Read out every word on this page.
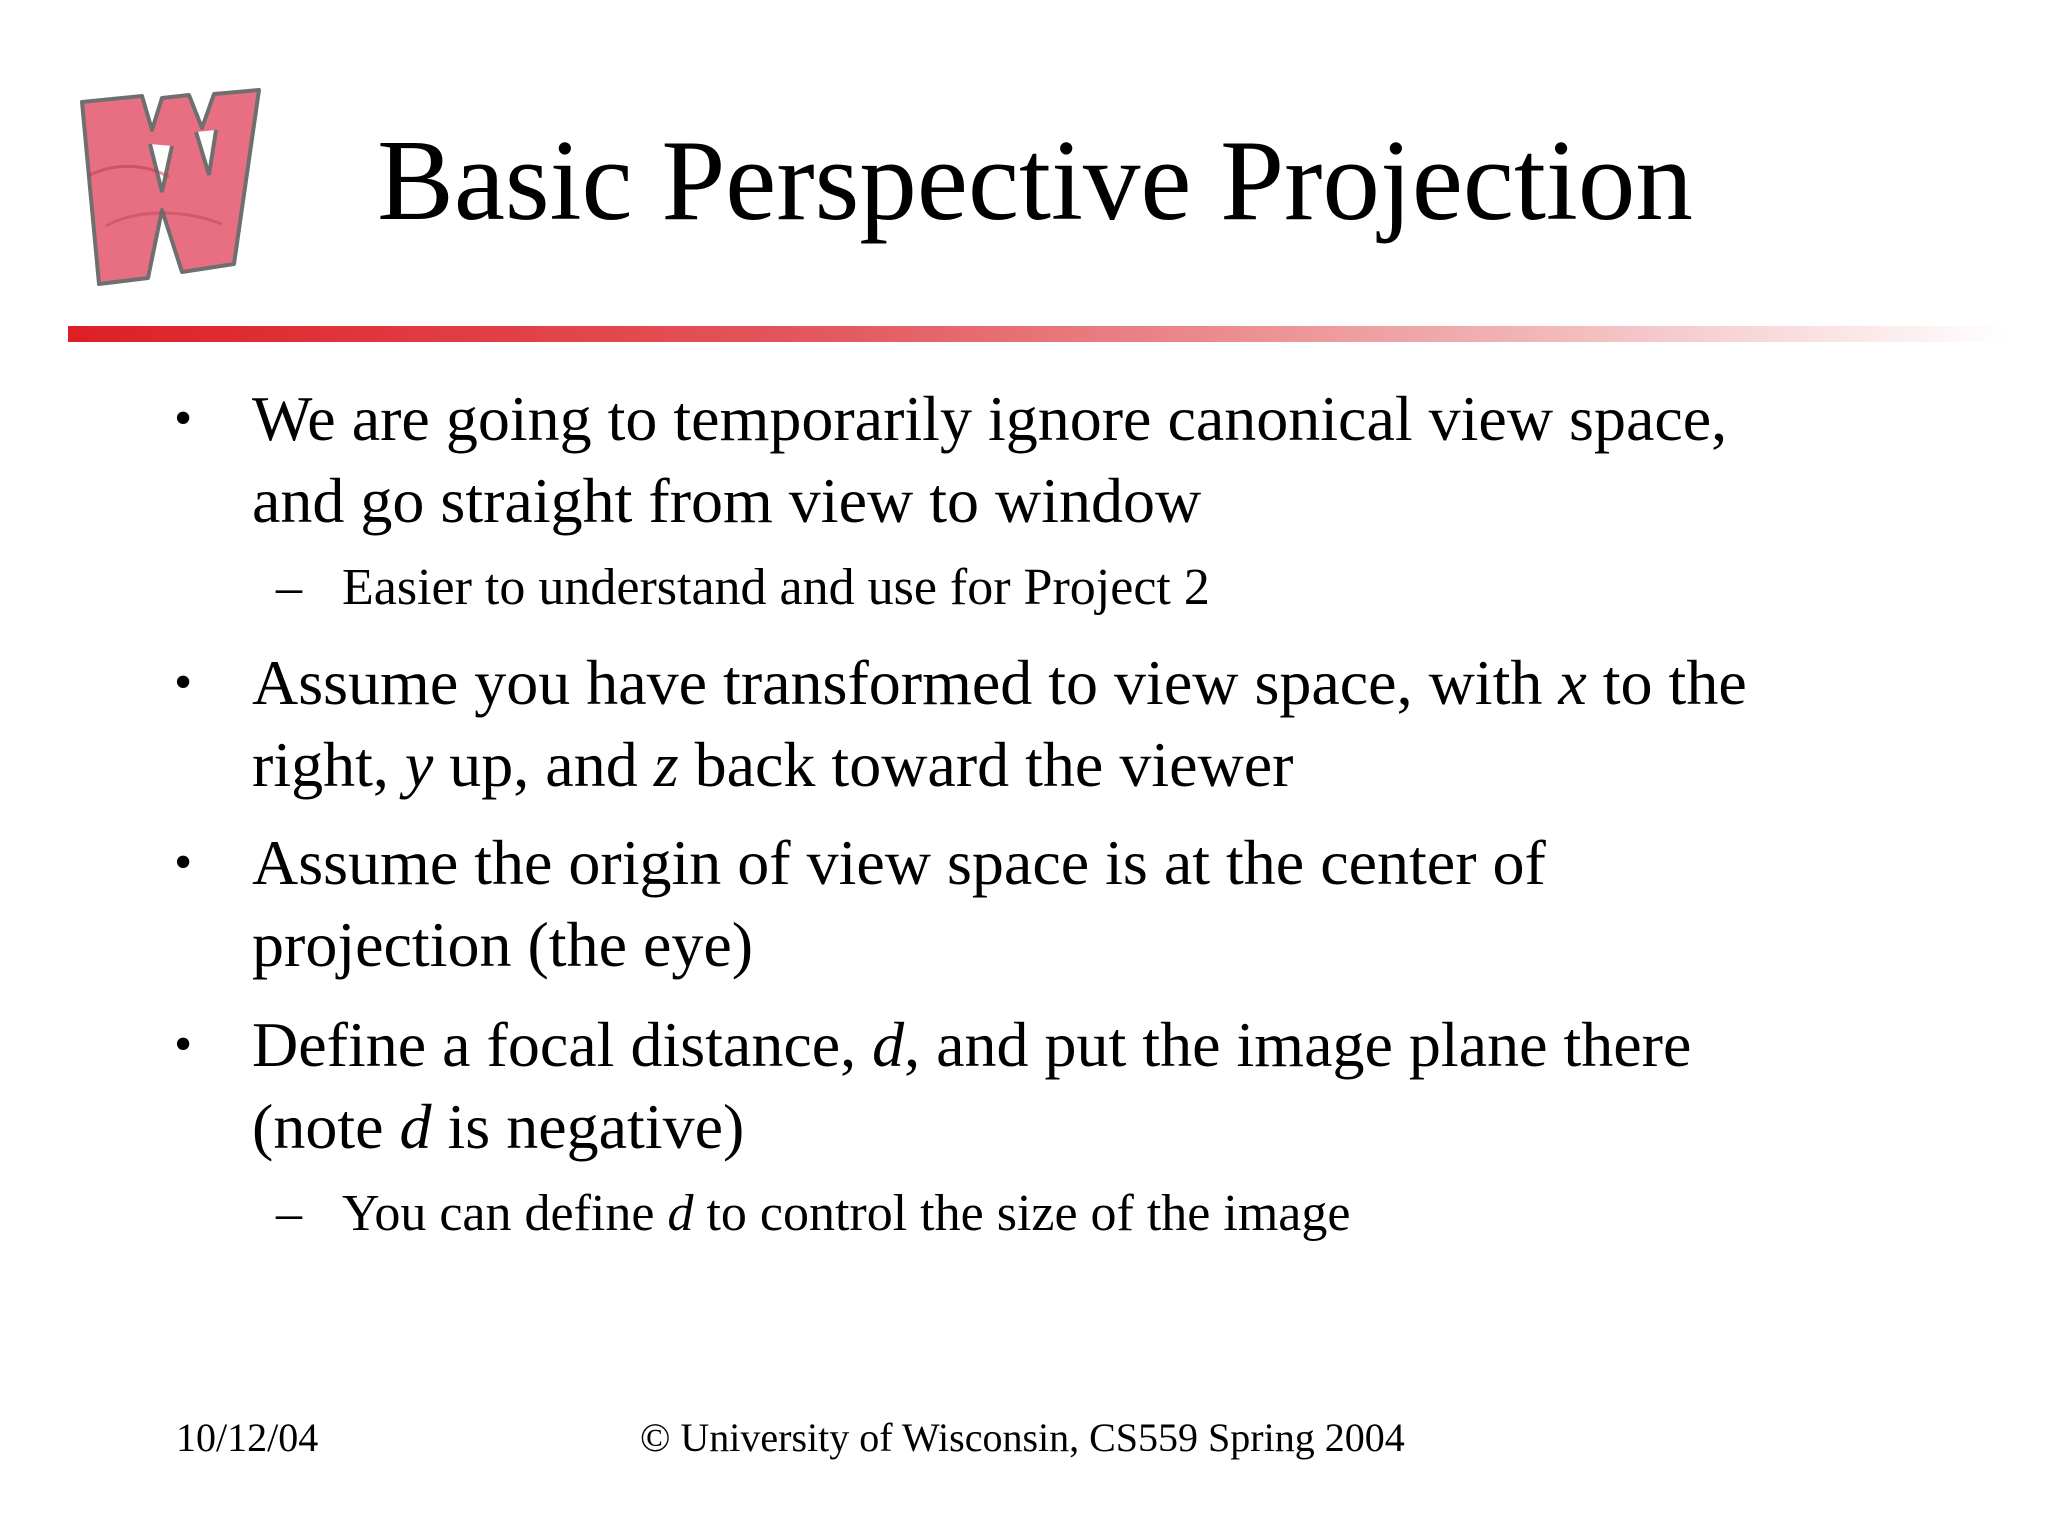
Basic Perspective Projection
• We are going to temporarily ignore canonical view space,
and go straight from view to window
– Easier to understand and use for Project 2
• Assume you have transformed to view space, with x to the
right, y up, and z back toward the viewer
• Assume the origin of view space is at the center of
projection (the eye)
• Define a focal distance, d, and put the image plane there
(note d is negative)
– You can define d to control the size of the image
10/12/04	© University of Wisconsin, CS559 Spring 2004
